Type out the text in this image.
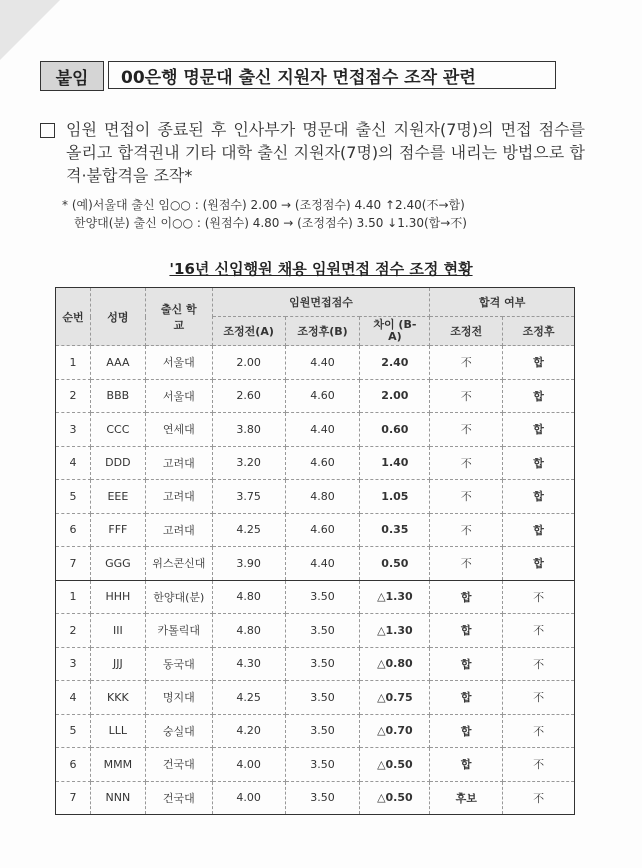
붙임	00은행 명문대 출신 지원자 면접점수 조작 관련

임원 면접이 종료된 후 인사부가 명문대 출신 지원자(7명)의 면접 점수를 올리고 합격권내 기타 대학 출신 지원자(7명)의 점수를 내리는 방법으로 합격·불합격을 조작*

* (예)서울대 출신 임○○ : (원점수) 2.00 → (조정점수) 4.40 ↑2.40(不→합)
한양대(분) 출신 이○○ : (원점수) 4.80 → (조정점수) 3.50 ↓1.30(합→不)
'16년 신입행원 채용 임원면접 점수 조정 현황
순번	성명	출신 학교	임원면접점수			합격 여부	
			조정전(A)	조정후(B)	차이 (B-A)	조정전	조정후
1	AAA	서울대	2.00	4.40	2.40	不	합
2	BBB	서울대	2.60	4.60	2.00	不	합
3	CCC	연세대	3.80	4.40	0.60	不	합
4	DDD	고려대	3.20	4.60	1.40	不	합
5	EEE	고려대	3.75	4.80	1.05	不	합
6	FFF	고려대	4.25	4.60	0.35	不	합
7	GGG	위스콘신대	3.90	4.40	0.50	不	합
1	HHH	한양대(분)	4.80	3.50	△1.30	합	不
2	III	카톨릭대	4.80	3.50	△1.30	합	不
3	JJJ	동국대	4.30	3.50	△0.80	합	不
4	KKK	명지대	4.25	3.50	△0.75	합	不
5	LLL	숭실대	4.20	3.50	△0.70	합	不
6	MMM	건국대	4.00	3.50	△0.50	합	不
7	NNN	건국대	4.00	3.50	△0.50	후보	不
